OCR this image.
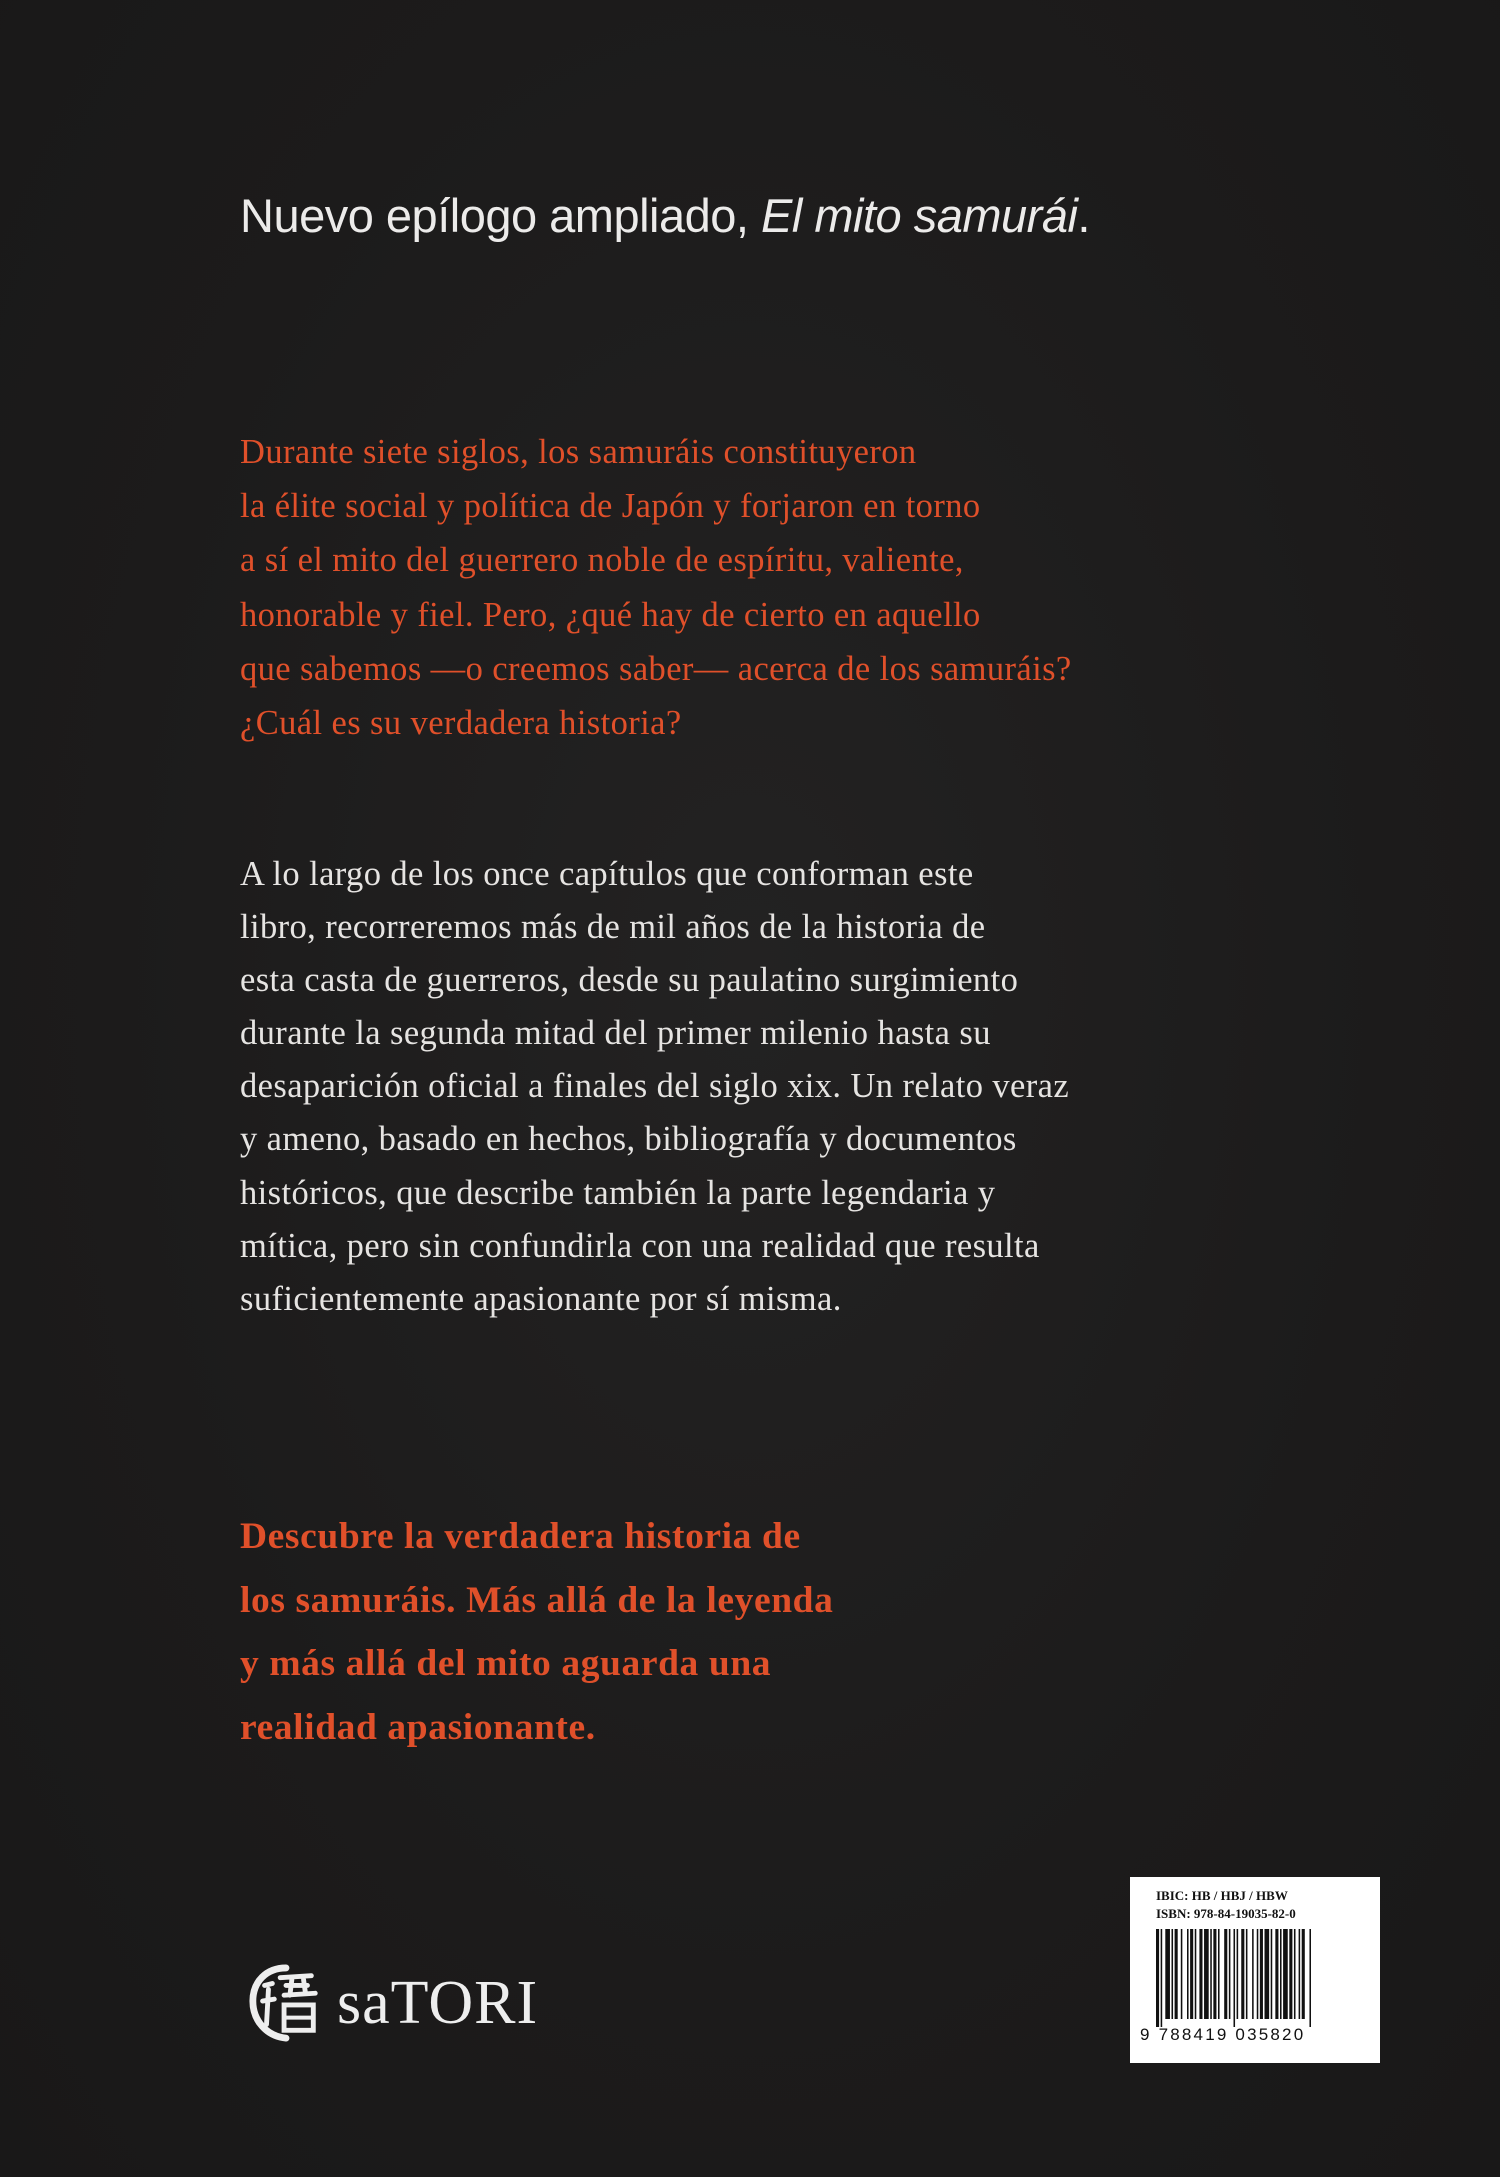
Nuevo epílogo ampliado, El mito samurái.
Durante siete siglos, los samuráis constituyeron
la élite social y política de Japón y forjaron en torno
a sí el mito del guerrero noble de espíritu, valiente,
honorable y fiel. Pero, ¿qué hay de cierto en aquello
que sabemos —o creemos saber— acerca de los samuráis?
¿Cuál es su verdadera historia?
A lo largo de los once capítulos que conforman este
libro, recorreremos más de mil años de la historia de
esta casta de guerreros, desde su paulatino surgimiento
durante la segunda mitad del primer milenio hasta su
desaparición oficial a finales del siglo xix. Un relato veraz
y ameno, basado en hechos, bibliografía y documentos
históricos, que describe también la parte legendaria y
mítica, pero sin confundirla con una realidad que resulta
suficientemente apasionante por sí misma.
Descubre la verdadera historia de
los samuráis. Más allá de la leyenda
y más allá del mito aguarda una
realidad apasionante.
saTORI
IBIC: HB / HBJ / HBW
ISBN: 978-84-19035-82-0
9 788419 035820
